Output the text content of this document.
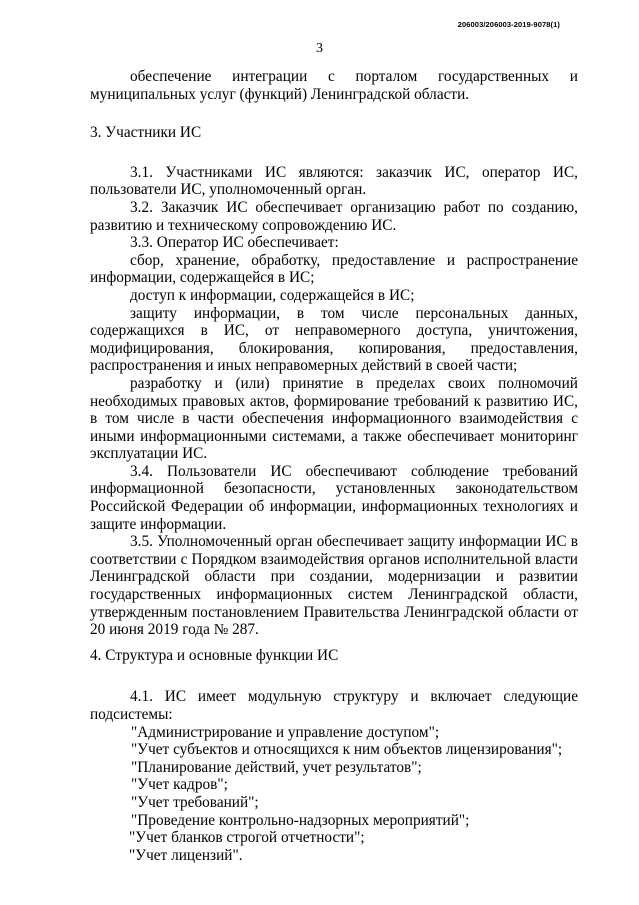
206003/206003-2019-9078(1)
3

обеспечение интеграции с порталом государственных и муниципальных услуг (функций) Ленинградской области.

3. Участники ИС

3.1. Участниками ИС являются: заказчик ИС, оператор ИС, пользователи ИС, уполномоченный орган.

3.2. Заказчик ИС обеспечивает организацию работ по созданию, развитию и техническому сопровождению ИС.

3.3. Оператор ИС обеспечивает:

сбор, хранение, обработку, предоставление и распространение информации, содержащейся в ИС;

доступ к информации, содержащейся в ИС;

защиту информации, в том числе персональных данных, содержащихся в ИС, от неправомерного доступа, уничтожения, модифицирования, блокирования, копирования, предоставления, распространения и иных неправомерных действий в своей части;

разработку и (или) принятие в пределах своих полномочий необходимых правовых актов, формирование требований к развитию ИС, в том числе в части обеспечения информационного взаимодействия с иными информационными системами, а также обеспечивает мониторинг эксплуатации ИС.

3.4. Пользователи ИС обеспечивают соблюдение требований информационной безопасности, установленных законодательством Российской Федерации об информации, информационных технологиях и защите информации.

3.5. Уполномоченный орган обеспечивает защиту информации ИС в соответствии с Порядком взаимодействия органов исполнительной власти Ленинградской области при создании, модернизации и развитии государственных информационных систем Ленинградской области, утвержденным постановлением Правительства Ленинградской области от 20 июня 2019 года № 287.

4. Структура и основные функции ИС

4.1. ИС имеет модульную структуру и включает следующие подсистемы:

"Администрирование и управление доступом";

"Учет субъектов и относящихся к ним объектов лицензирования";

"Планирование действий, учет результатов";

"Учет кадров";

"Учет требований";

"Проведение контрольно-надзорных мероприятий";

"Учет бланков строгой отчетности";

"Учет лицензий".
